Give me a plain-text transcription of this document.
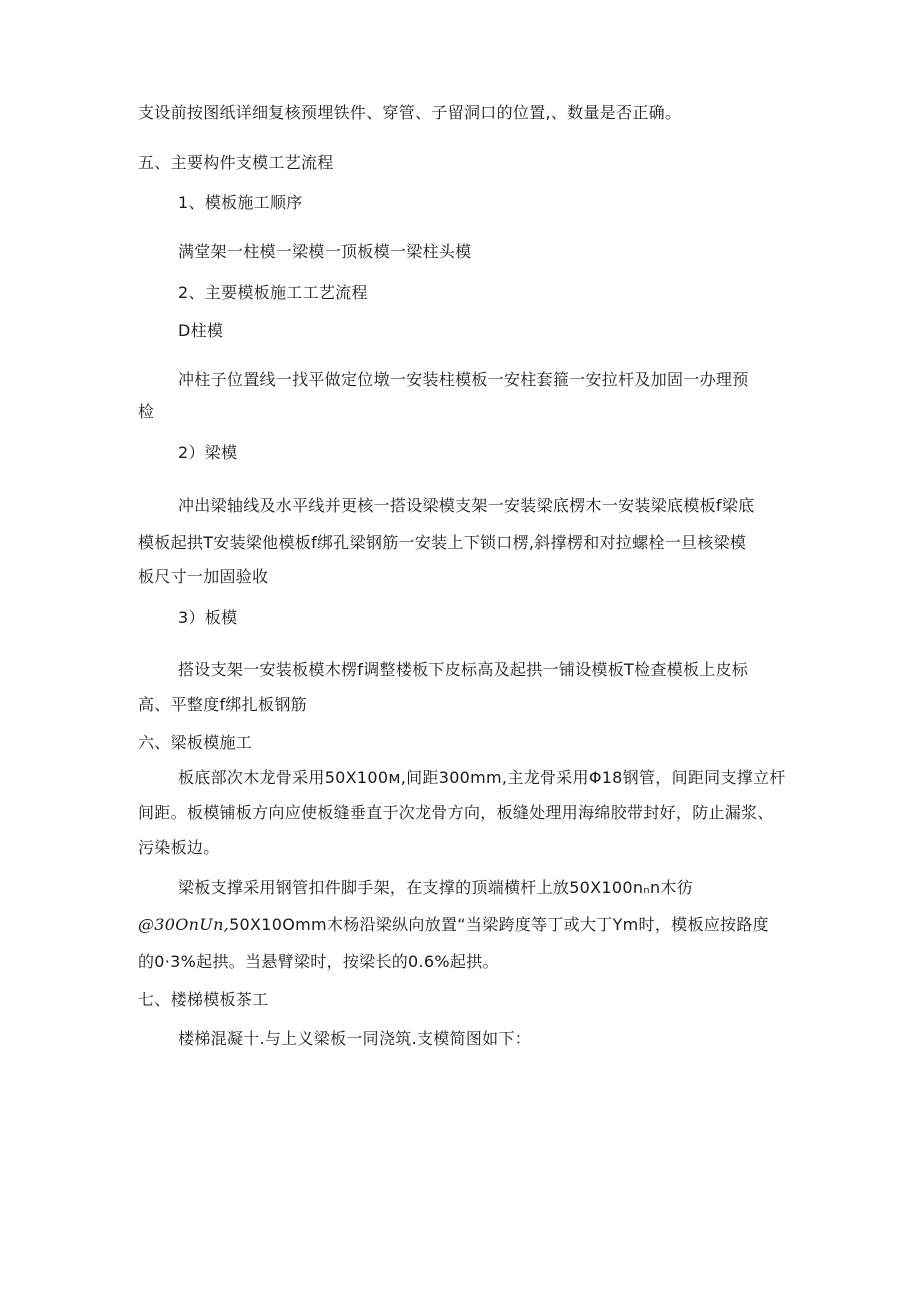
支设前按图纸详细复核预埋铁件、穿管、子留洞口的位置,、数量是否正确。
五、主要构件支模工艺流程
1、模板施工顺序
满堂架一柱模一梁模一顶板模一梁柱头模
2、主要模板施工工艺流程
D柱模
冲柱子位置线一找平做定位墩一安装柱模板一安柱套箍一安拉杆及加固一办理预
检
2）梁模
冲出梁轴线及水平线并更核一搭设梁模支架一安装梁底楞木一安装梁底模板f梁底
模板起拱T安装梁他模板f绑孔梁钢筋一安装上下锁口楞,斜撑楞和对拉螺栓一旦核梁模
板尺寸一加固验收
3）板模
搭设支架一安装板模木楞f调整楼板下皮标高及起拱一铺设模板T检查模板上皮标
高、平整度f绑扎板钢筋
六、梁板模施工
板底部次木龙骨采用50X100м,间距300mm,主龙骨采用Φ18钢管，间距同支撑立杆
间距。板模铺板方向应使板缝垂直于次龙骨方向，板缝处理用海绵胶带封好，防止漏浆、
污染板边。
梁板支撑采用钢管扣件脚手架，在支撑的顶端横杆上放50X100nₙn木彷
@30OnUn,50X10Omm木杨沿梁纵向放置“当梁跨度等丁或大丁Ym时，模板应按路度
的0·3%起拱。当悬臂梁时，按梁长的0.6%起拱。
七、楼梯模板茶工
楼梯混凝十.与上义梁板一同浇筑.支模简图如下：
